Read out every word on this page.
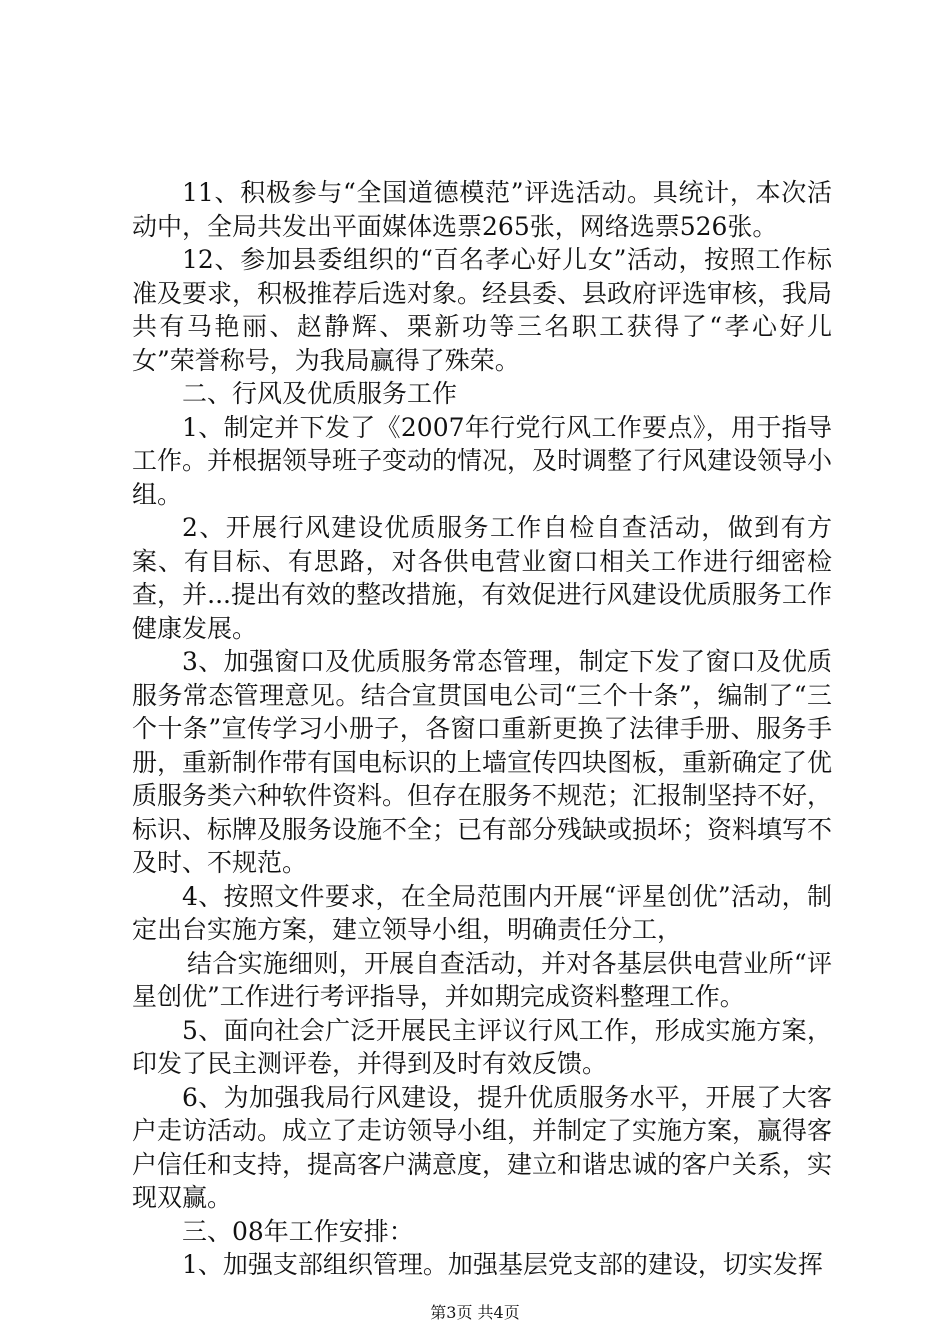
11、积极参与“全国道德模范”评选活动。具统计，本次活动中，全局共发出平面媒体选票265张，网络选票526张。

12、参加县委组织的“百名孝心好儿女”活动，按照工作标准及要求，积极推荐后选对象。经县委、县政府评选审核，我局共有马艳丽、赵静辉、栗新功等三名职工获得了“孝心好儿女”荣誉称号，为我局赢得了殊荣。

二、行风及优质服务工作

1、制定并下发了《2007年行党行风工作要点》，用于指导工作。并根据领导班子变动的情况，及时调整了行风建设领导小组。

2、开展行风建设优质服务工作自检自查活动，做到有方案、有目标、有思路，对各供电营业窗口相关工作进行细密检查，并...提出有效的整改措施，有效促进行风建设优质服务工作健康发展。

3、加强窗口及优质服务常态管理，制定下发了窗口及优质服务常态管理意见。结合宣贯国电公司“三个十条”，编制了“三个十条”宣传学习小册子，各窗口重新更换了法律手册、服务手册，重新制作带有国电标识的上墙宣传四块图板，重新确定了优质服务类六种软件资料。但存在服务不规范；汇报制坚持不好，标识、标牌及服务设施不全；已有部分残缺或损坏；资料填写不及时、不规范。

4、按照文件要求，在全局范围内开展“评星创优”活动，制定出台实施方案，建立领导小组，明确责任分工，

结合实施细则，开展自查活动，并对各基层供电营业所“评星创优”工作进行考评指导，并如期完成资料整理工作。

5、面向社会广泛开展民主评议行风工作，形成实施方案，印发了民主测评卷，并得到及时有效反馈。

6、为加强我局行风建设，提升优质服务水平，开展了大客户走访活动。成立了走访领导小组，并制定了实施方案，赢得客户信任和支持，提高客户满意度，建立和谐忠诚的客户关系，实现双赢。

三、08年工作安排：

1、加强支部组织管理。加强基层党支部的建设，切实发挥

第3页 共4页
